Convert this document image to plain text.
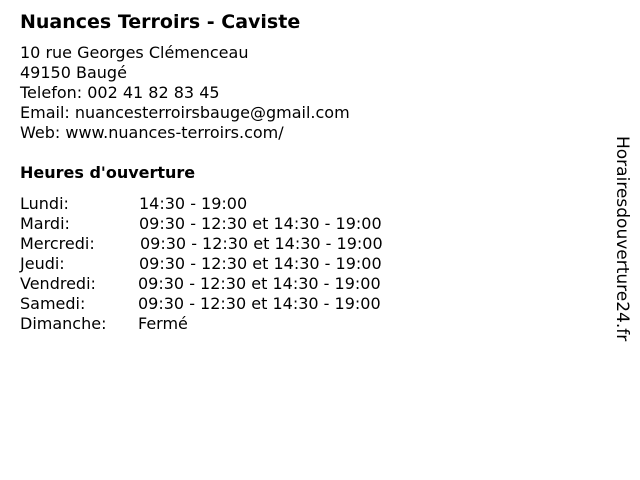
Nuances Terroirs - Caviste
10 rue Georges Clémenceau
49150 Baugé
Telefon: 002 41 82 83 45
Email: nuancesterroirsbauge@gmail.com
Web: www.nuances-terroirs.com/
Heures d'ouverture
Lundi:	14:30 - 19:00
Mardi:	09:30 - 12:30 et 14:30 - 19:00
Mercredi:	09:30 - 12:30 et 14:30 - 19:00
Jeudi:	09:30 - 12:30 et 14:30 - 19:00
Vendredi:	09:30 - 12:30 et 14:30 - 19:00
Samedi:	09:30 - 12:30 et 14:30 - 19:00
Dimanche: Fermé	Horairesdouverture24.fr
